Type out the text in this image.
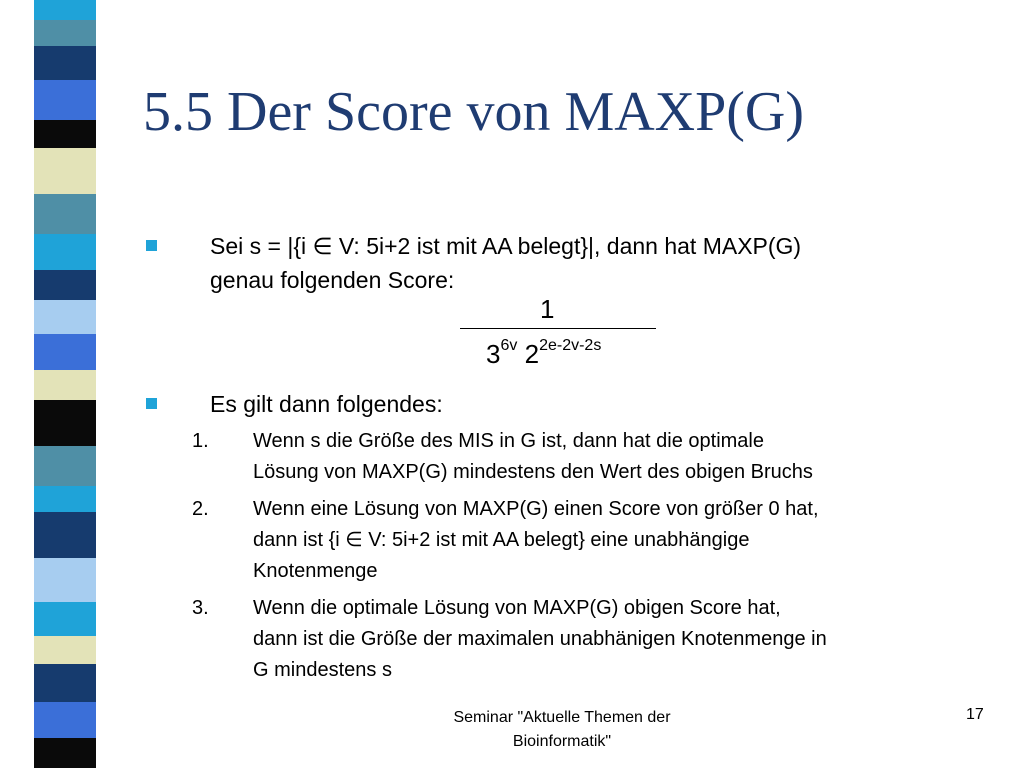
5.5 Der Score von MAXP(G)
Sei s = |{i ∈ V: 5i+2 ist mit AA belegt}|, dann hat MAXP(G)
genau folgenden Score:
1
$3^{6v}$ $2^{2e-2v-2s}$
Es gilt dann folgendes:
1. Wenn s die Größe des MIS in G ist, dann hat die optimale
Lösung von MAXP(G) mindestens den Wert des obigen Bruchs
2. Wenn eine Lösung von MAXP(G) einen Score von größer 0 hat,
dann ist {i ∈ V: 5i+2 ist mit AA belegt} eine unabhängige
Knotenmenge
3. Wenn die optimale Lösung von MAXP(G) obigen Score hat,
dann ist die Größe der maximalen unabhänigen Knotenmenge in
G mindestens s
Seminar "Aktuelle Themen der
Bioinformatik"
17
